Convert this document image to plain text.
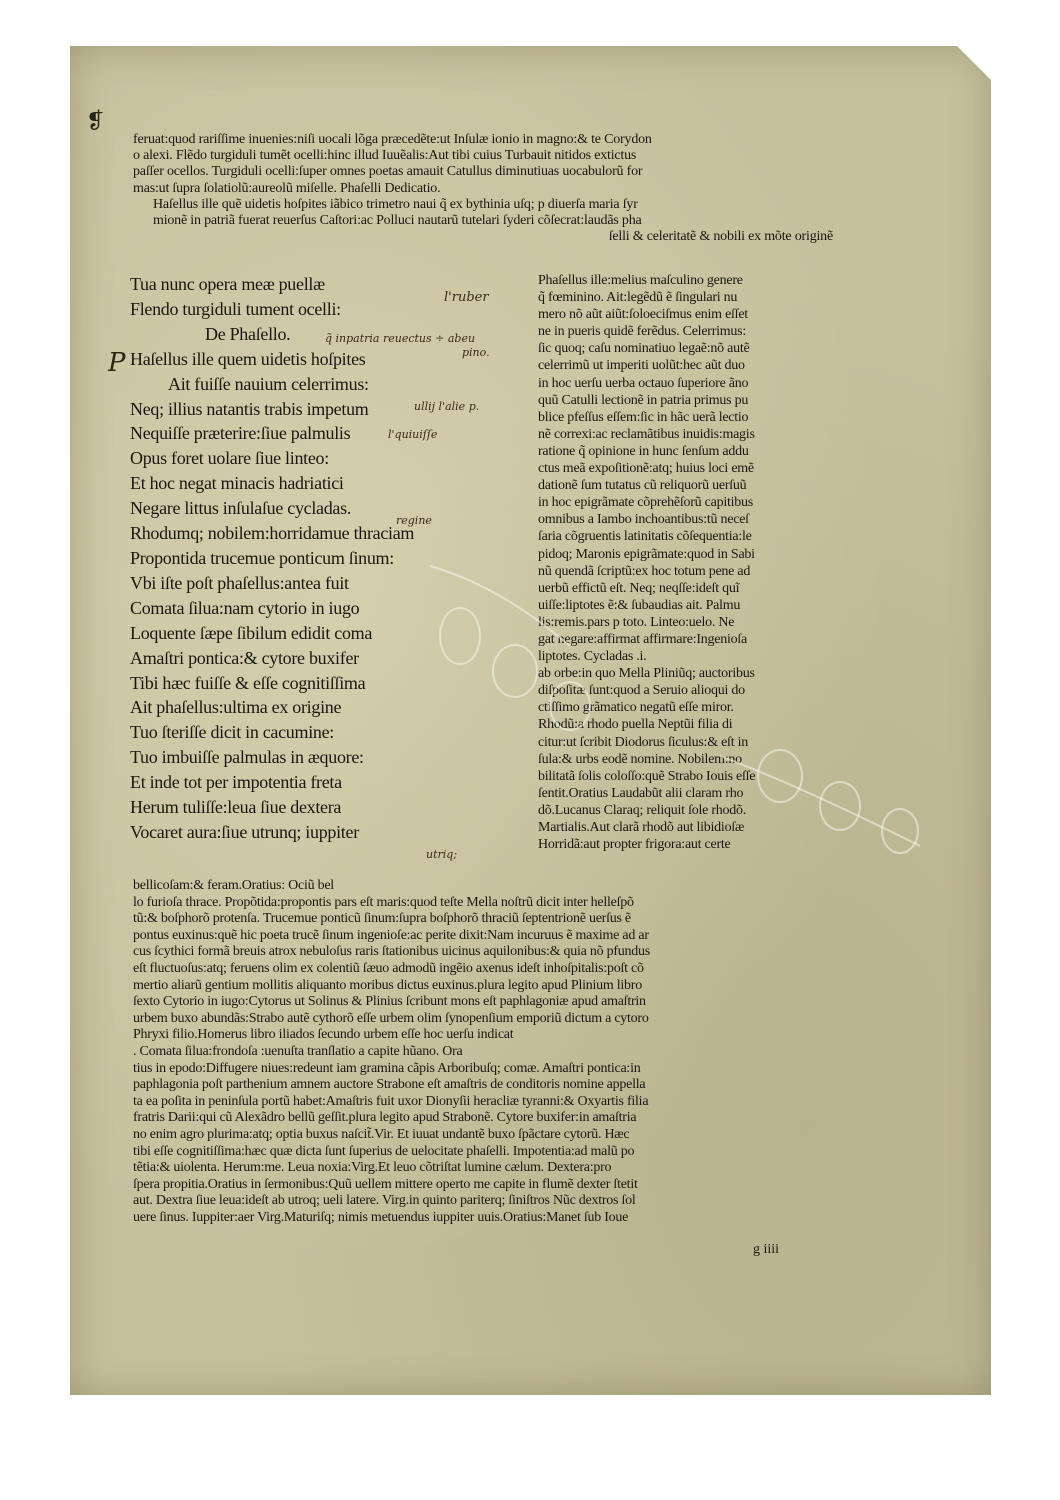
❡
feruat:quod rariſſime inuenies:niſi uocali lõga præcedẽte:ut Inſulæ ionio in magno:& te Corydon
o alexi. Flẽdo turgiduli tumẽt ocelli:hinc illud Iuuẽalis:Aut tibi cuius Turbauit nitidos extictus
paſſer ocellos. Turgiduli ocelli:ſuper omnes poetas amauit Catullus diminutiuas uocabulorũ for
mas:ut ſupra ſolatiolũ:aureolũ miſelle. Phaſelli Dedicatio.
Haſellus ille quẽ uidetis hoſpites iãbico trimetro naui q̃ ex bythinia uſq; p diuerſa maria ſyr
mionẽ in patriã fuerat reuerſus Caſtori:ac Polluci nautarũ tutelari ſyderi cõſecrat:laudãs pha
ſelli & celeritatẽ & nobili ex mõte originẽ
P
Tua nunc opera meæ puellæ
Flendo turgiduli tument ocelli:
De Phaſello.
Haſellus ille quem uidetis hoſpites
Ait fuiſſe nauium celerrimus:
Neq; illius natantis trabis impetum
Nequiſſe præterire:ſiue palmulis
Opus foret uolare ſiue linteo:
Et hoc negat minacis hadriatici
Negare littus inſulaſue cycladas.
Rhodumq; nobilem:horridamue thraciam
Propontida trucemue ponticum ſinum:
Vbi iſte poſt phaſellus:antea fuit
Comata ſilua:nam cytorio in iugo
Loquente ſæpe ſibilum edidit coma
Amaſtri pontica:& cytore buxifer
Tibi hæc fuiſſe & eſſe cognitiſſima
Ait phaſellus:ultima ex origine
Tuo ſteriſſe dicit in cacumine:
Tuo imbuiſſe palmulas in æquore:
Et inde tot per impotentia freta
Herum tuliſſe:leua ſiue dextera
Vocaret aura:ſiue utrunq; iuppiter
Phaſellus ille:melius maſculino genere
q̃ fœminino. Ait:legẽdũ ẽ ſingulari nu
mero nõ aũt aiũt:ſoloeciſmus enim eſſet
ne in pueris quidẽ ferẽdus. Celerrimus:
ſic quoq; caſu nominatiuo legaẽ:nõ autẽ
celerrimũ ut imperiti uolũt:hec aũt duo
in hoc uerſu uerba octauo ſuperiore ãno
quũ Catulli lectionẽ in patria primus pu
blice pfeſſus eſſem:ſic in hãc uerã lectio
nẽ correxi:ac reclamãtibus inuidis:magis
ratione q̃ opinione in hunc ſenſum addu
ctus meã expoſitionẽ:atq; huius loci emẽ
dationẽ ſum tutatus cũ reliquorũ uerſuũ
in hoc epigrãmate cõprehẽſorũ capitibus
omnibus a Iambo inchoantibus:tũ neceſ
ſaria cõgruentis latinitatis cõſequentia:le
pidoq; Maronis epigrãmate:quod in Sabi
nũ quendã ſcriptũ:ex hoc totum pene ad
uerbũ effictũ eſt. Neq; neqſſe:ideſt quĩ
uiſſe:liptotes ẽ:& ſubaudias ait. Palmu
lis:remis.pars p toto. Linteo:uelo. Ne
gat negare:affirmat affirmare:Ingenioſa
liptotes. Cycladas .i.
ab orbe:in quo Mella Pliniũq; auctoribus
diſpoſitæ ſunt:quod a Seruio alioqui do
ctiſſimo grãmatico negatũ eſſe miror.
Rhodũ:a rhodo puella Neptũi filia di
citur:ut ſcribit Diodorus ſiculus:& eſt in
ſula:& urbs eodẽ nomine. Nobilem:no
bilitatã ſolis coloſſo:quẽ Strabo Iouis eſſe
ſentit.Oratius Laudabũt alii claram rho
dõ.Lucanus Claraq; reliquit ſole rhodõ.
Martialis.Aut clarã rhodõ aut libidioſæ
Horridã:aut propter frigora:aut certe
bellicoſam:& feram.Oratius: Ociũ bel
lo furioſa thrace. Propõtida:propontis pars eſt maris:quod teſte Mella noſtrũ dicit inter helleſpõ
tũ:& boſphorõ protenſa. Trucemue ponticũ ſinum:ſupra boſphorõ thraciũ ſeptentrionẽ uerſus ẽ
pontus euxinus:quẽ hic poeta trucẽ ſinum ingenioſe:ac perite dixit:Nam incuruus ẽ maxime ad ar
cus ſcythici formã breuis atrox nebuloſus raris ſtationibus uicinus aquilonibus:& quia nõ pfundus
eſt fluctuoſus:atq; feruens olim ex colentiũ ſæuo admodũ ingẽio axenus ideſt inhoſpitalis:poſt cõ
mertio aliarũ gentium mollitis aliquanto moribus dictus euxinus.plura legito apud Plinium libro
ſexto Cytorio in iugo:Cytorus ut Solinus & Plinius ſcribunt mons eſt paphlagoniæ apud amaſtrin
urbem buxo abundãs:Strabo autẽ cythorõ eſſe urbem olim ſynopenſium emporiũ dictum a cytoro
Phryxi filio.Homerus libro iliados ſecundo urbem eſſe hoc uerſu indicat
. Comata ſilua:frondoſa :uenuſta tranſlatio a capite hũano. Ora
tius in epodo:Diffugere niues:redeunt iam gramina cãpis Arboribuſq; comæ. Amaſtri pontica:in
paphlagonia poſt parthenium amnem auctore Strabone eſt amaſtris de conditoris nomine appella
ta ea poſita in peninſula portũ habet:Amaſtris fuit uxor Dionyſii heracliæ tyranni:& Oxyartis filia
fratris Darii:qui cũ Alexãdro bellũ geſſit.plura legito apud Strabonẽ. Cytore buxifer:in amaſtria
no enim agro plurima:atq; optia buxus naſcit̃.Vir. Et iuuat undantẽ buxo ſpãctare cytorũ. Hæc
tibi eſſe cognitiſſima:hæc quæ dicta ſunt ſuperius de uelocitate phaſelli. Impotentia:ad malũ po
tẽtia:& uiolenta. Herum:me. Leua noxia:Virg.Et leuo cõtriſtat lumine cælum. Dextera:pro
ſpera propitia.Oratius in ſermonibus:Quũ uellem mittere operto me capite in flumẽ dexter ſtetit
aut. Dextra ſiue leua:ideſt ab utroq; ueli latere. Virg.in quinto pariterq; ſiniſtros Nũc dextros ſol
uere ſinus. Iuppiter:aer Virg.Maturiſq; nimis metuendus iuppiter uuis.Oratius:Manet ſub Ioue
g iiii
l'ruber
q̃ inpatria reuectus ÷ abeu
pino.
ullij l'alie p.
l'quiuiſſe
regine
utriq;
